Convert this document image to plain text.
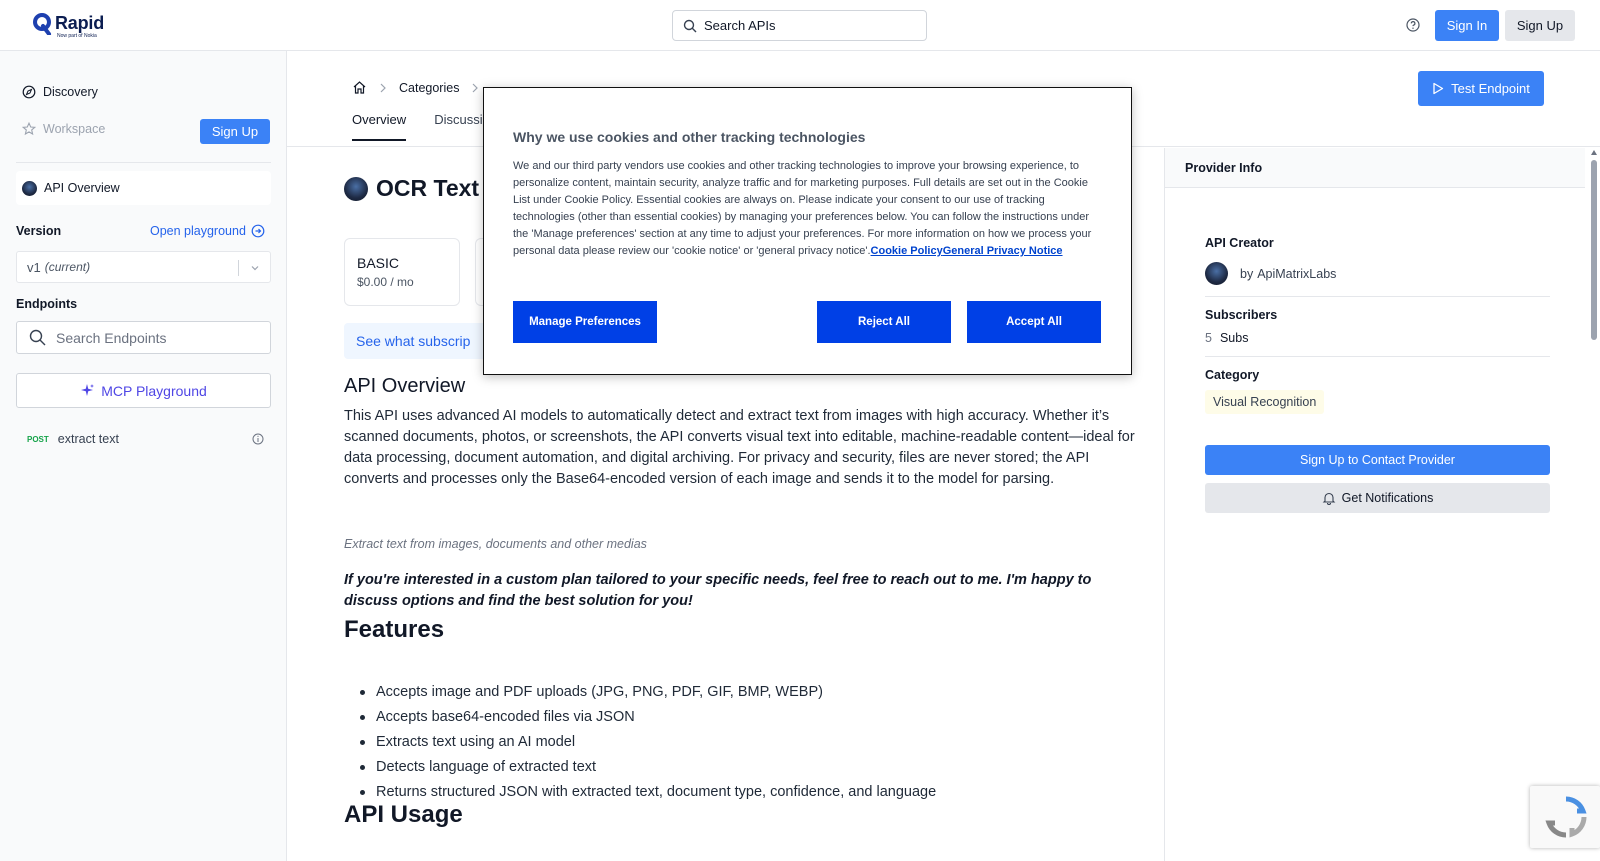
Rapid
Now part of Nokia
Search APIs	Sign In	Sign Up
Discovery
Workspace	Sign Up
API Overview
Version	Open playground
v1 (current)
Endpoints
Search Endpoints
MCP Playground
POST extract text
Categories
Overview Discussi
Test Endpoint
OCR Text
BASIC
$0.00 / mo
See what subscrip
API Overview
This API uses advanced AI models to automatically detect and extract text from images with high accuracy. Whether it’s scanned documents, photos, or screenshots, the API converts visual text into editable, machine-readable content—ideal for data processing, document automation, and digital archiving. For privacy and security, files are never stored; the API converts and processes only the Base64-encoded version of each image and sends it to the model for parsing.
Extract text from images, documents and other medias
If you're interested in a custom plan tailored to your specific needs, feel free to reach out to me. I'm happy to discuss options and find the best solution for you!
Features
Accepts image and PDF uploads (JPG, PNG, PDF, GIF, BMP, WEBP)
Accepts base64-encoded files via JSON
Extracts text using an AI model
Detects language of extracted text
Returns structured JSON with extracted text, document type, confidence, and language
API Usage
Provider Info
API Creator
by ApiMatrixLabs
Subscribers
5 Subs
Category
Visual Recognition
Sign Up to Contact Provider
Get Notifications
Why we use cookies and other tracking technologies
We and our third party vendors use cookies and other tracking technologies to improve your browsing experience, to personalize content, maintain security, analyze traffic and for marketing purposes. Full details are set out in the Cookie List under Cookie Policy. Essential cookies are always on. Please indicate your consent to our use of tracking technologies (other than essential cookies) by managing your preferences below. You can follow the instructions under the 'Manage preferences' section at any time to adjust your preferences. For more information on how we process your personal data please review our 'cookie notice' or 'general privacy notice'.Cookie PolicyGeneral Privacy Notice
Manage Preferences	Reject All	Accept All
